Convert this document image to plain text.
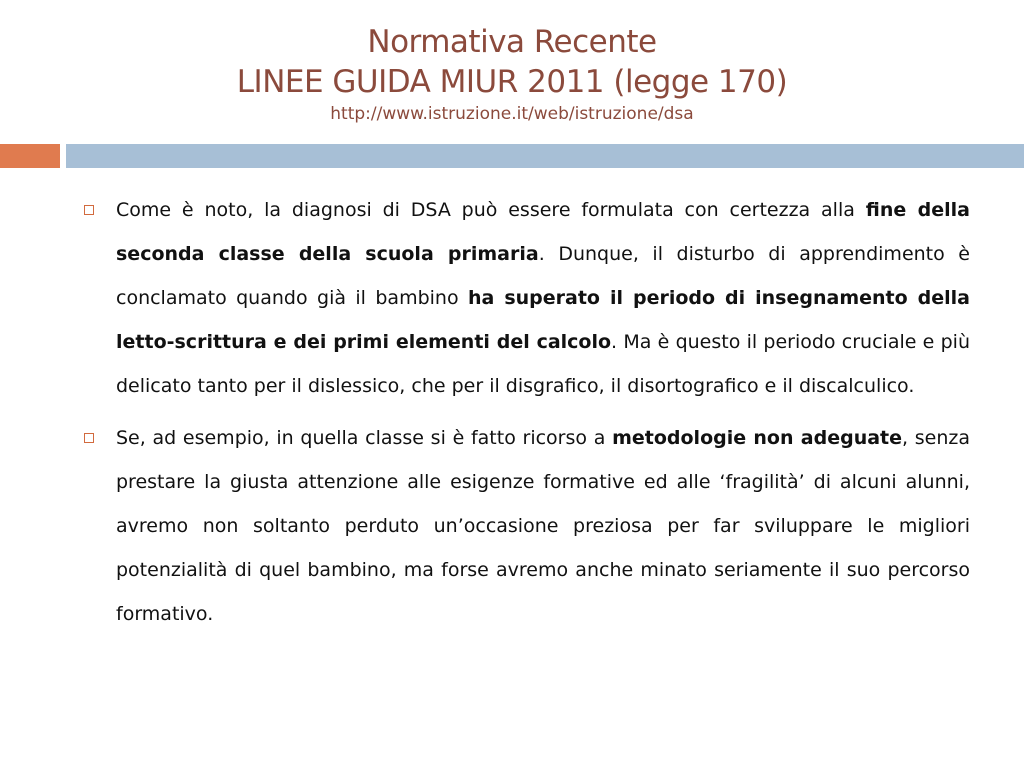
Normativa Recente
LINEE GUIDA MIUR 2011 (legge 170)
http://www.istruzione.it/web/istruzione/dsa
Come è noto, la diagnosi di DSA può essere formulata con certezza alla fine della seconda classe della scuola primaria. Dunque, il disturbo di apprendimento è conclamato quando già il bambino ha superato il periodo di insegnamento della letto-scrittura e dei primi elementi del calcolo. Ma è questo il periodo cruciale e più delicato tanto per il dislessico, che per il disgrafico, il disortografico e il discalculico.
Se, ad esempio, in quella classe si è fatto ricorso a metodologie non adeguate, senza prestare la giusta attenzione alle esigenze formative ed alle ‘fragilità’ di alcuni alunni, avremo non soltanto perduto un’occasione preziosa per far sviluppare le migliori potenzialità di quel bambino, ma forse avremo anche minato seriamente il suo percorso formativo.
